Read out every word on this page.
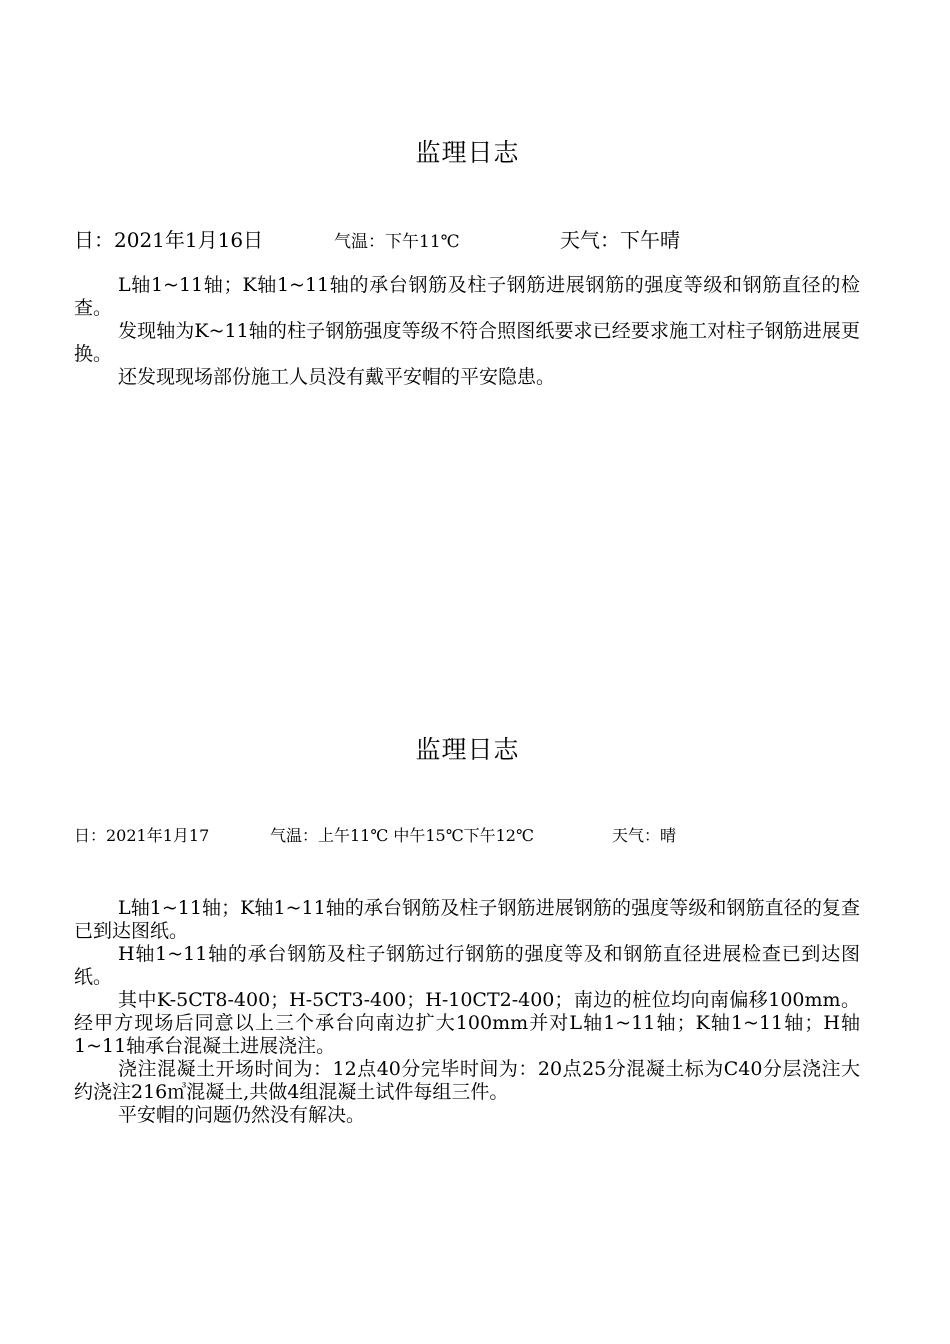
监理日志
日：2021年1月16日	气温：下午11℃	天气：下午晴

L轴1~11轴；K轴1~11轴的承台钢筋及柱子钢筋进展钢筋的强度等级和钢筋直径的检查。

发现轴为K~11轴的柱子钢筋强度等级不符合照图纸要求已经要求施工对柱子钢筋进展更换。

还发现现场部份施工人员没有戴平安帽的平安隐患。

监理日志
日：2021年1月17	气温：上午11℃ 中午15℃下午12℃	天气：晴

L轴1~11轴；K轴1~11轴的承台钢筋及柱子钢筋进展钢筋的强度等级和钢筋直径的复查已到达图纸。

H轴1~11轴的承台钢筋及柱子钢筋过行钢筋的强度等及和钢筋直径进展检查已到达图纸。

其中K-5CT8-400；H-5CT3-400；H-10CT2-400；南边的桩位均向南偏移100mm。经甲方现场后同意以上三个承台向南边扩大100mm并对L轴1~11轴；K轴1~11轴；H轴1~11轴承台混凝土进展浇注。

浇注混凝土开场时间为：12点40分完毕时间为：20点25分混凝土标为C40分层浇注大约浇注216㎥混凝土,共做4组混凝土试件每组三件。

平安帽的问题仍然没有解决。
